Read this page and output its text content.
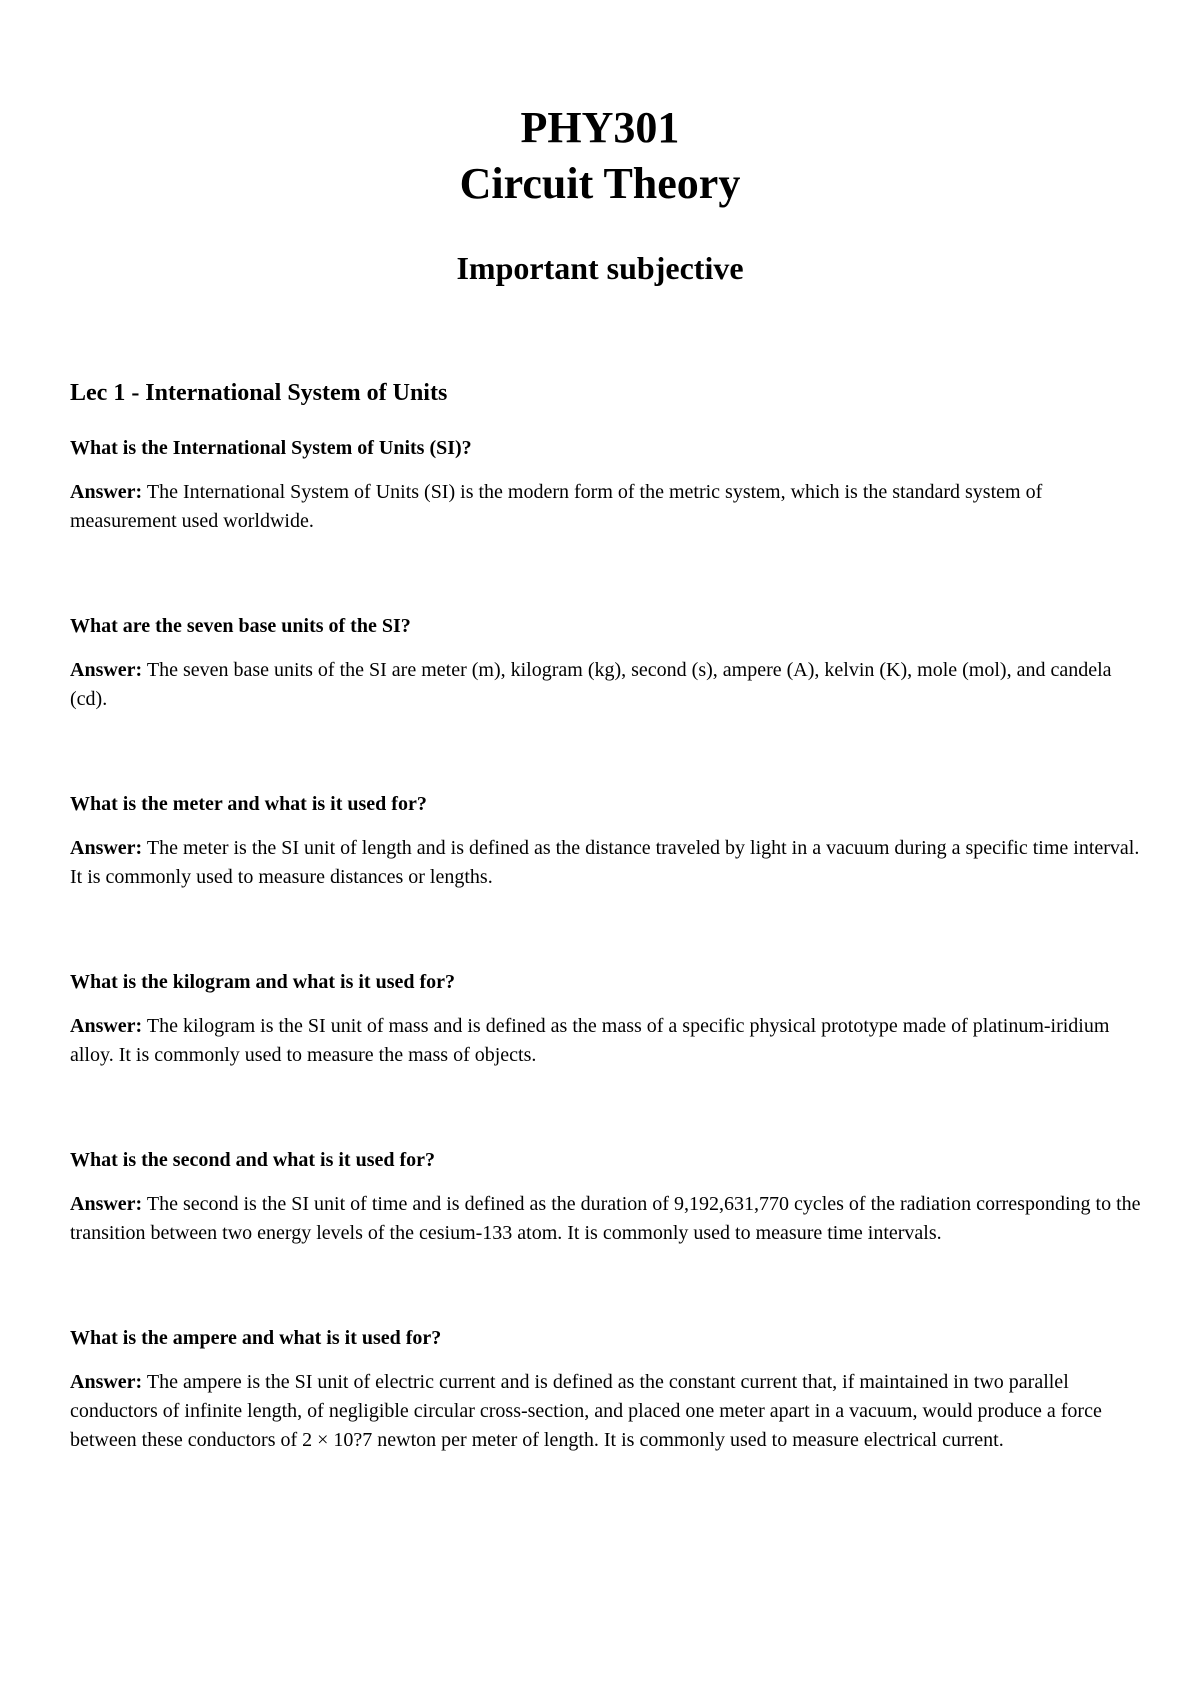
PHY301
Circuit Theory
Important subjective
Lec 1 - International System of Units
What is the International System of Units (SI)?
Answer: The International System of Units (SI) is the modern form of the metric system, which is the standard system of measurement used worldwide.
What are the seven base units of the SI?
Answer: The seven base units of the SI are meter (m), kilogram (kg), second (s), ampere (A), kelvin (K), mole (mol), and candela (cd).
What is the meter and what is it used for?
Answer: The meter is the SI unit of length and is defined as the distance traveled by light in a vacuum during a specific time interval. It is commonly used to measure distances or lengths.
What is the kilogram and what is it used for?
Answer: The kilogram is the SI unit of mass and is defined as the mass of a specific physical prototype made of platinum-iridium alloy. It is commonly used to measure the mass of objects.
What is the second and what is it used for?
Answer: The second is the SI unit of time and is defined as the duration of 9,192,631,770 cycles of the radiation corresponding to the transition between two energy levels of the cesium-133 atom. It is commonly used to measure time intervals.
What is the ampere and what is it used for?
Answer: The ampere is the SI unit of electric current and is defined as the constant current that, if maintained in two parallel conductors of infinite length, of negligible circular cross-section, and placed one meter apart in a vacuum, would produce a force between these conductors of 2 × 10?7 newton per meter of length. It is commonly used to measure electrical current.
